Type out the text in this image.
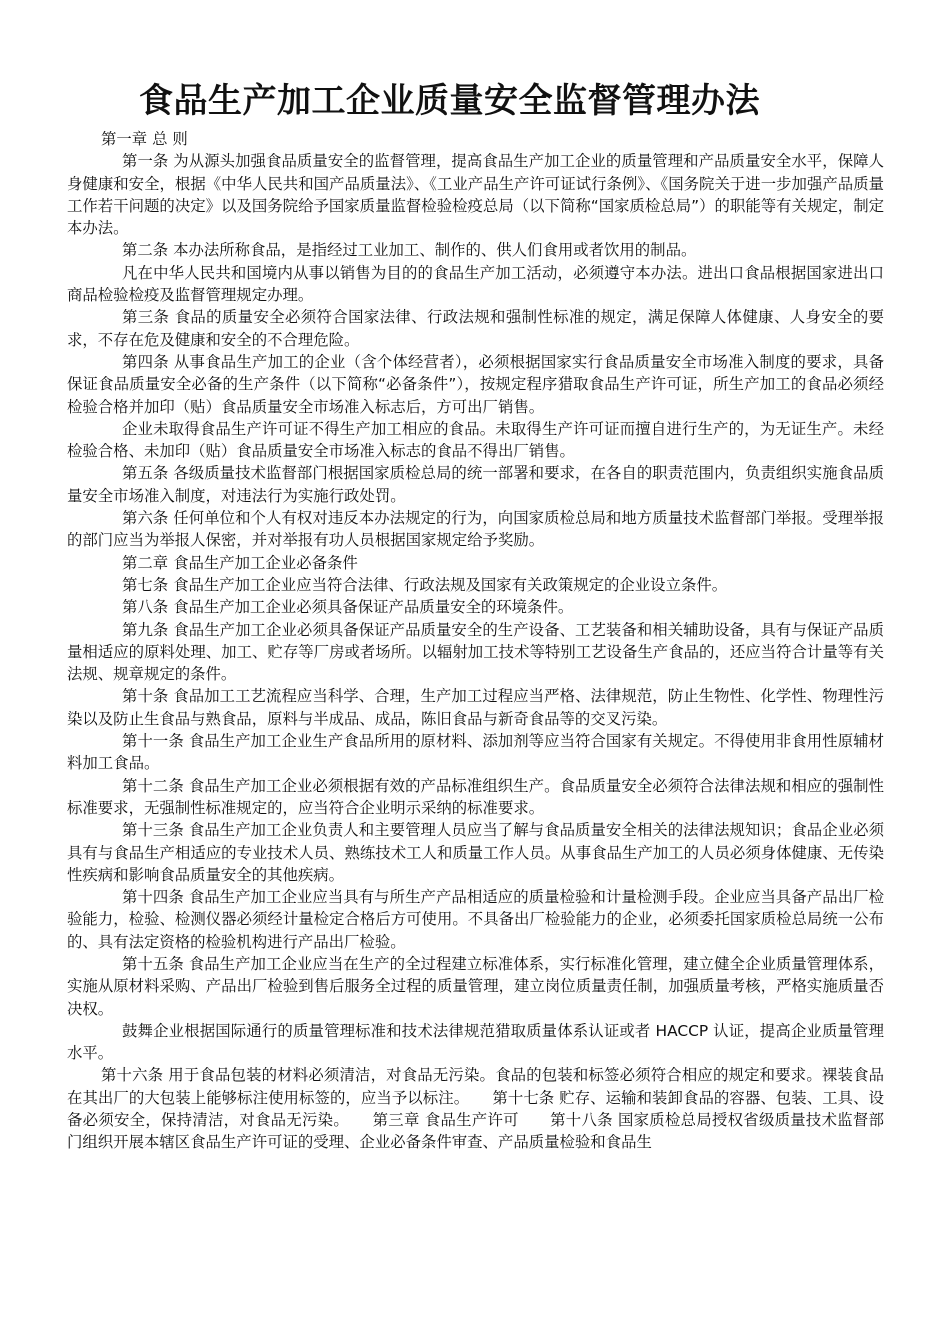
食品生产加工企业质量安全监督管理办法

第一章 总 则

第一条 为从源头加强食品质量安全的监督管理，提高食品生产加工企业的质量管理和产品质量安全水平，保障人身健康和安全，根据《中华人民共和国产品质量法》、《工业产品生产许可证试行条例》、《国务院关于进一步加强产品质量工作若干问题的决定》以及国务院给予国家质量监督检验检疫总局（以下简称“国家质检总局”）的职能等有关规定，制定本办法。

第二条 本办法所称食品，是指经过工业加工、制作的、供人们食用或者饮用的制品。

凡在中华人民共和国境内从事以销售为目的的食品生产加工活动，必须遵守本办法。进出口食品根据国家进出口商品检验检疫及监督管理规定办理。

第三条 食品的质量安全必须符合国家法律、行政法规和强制性标准的规定，满足保障人体健康、人身安全的要求，不存在危及健康和安全的不合理危险。

第四条 从事食品生产加工的企业（含个体经营者），必须根据国家实行食品质量安全市场准入制度的要求，具备保证食品质量安全必备的生产条件（以下简称“必备条件”），按规定程序猎取食品生产许可证，所生产加工的食品必须经检验合格并加印（贴）食品质量安全市场准入标志后，方可出厂销售。

企业未取得食品生产许可证不得生产加工相应的食品。未取得生产许可证而擅自进行生产的，为无证生产。未经检验合格、未加印（贴）食品质量安全市场准入标志的食品不得出厂销售。

第五条 各级质量技术监督部门根据国家质检总局的统一部署和要求，在各自的职责范围内，负责组织实施食品质量安全市场准入制度，对违法行为实施行政处罚。

第六条 任何单位和个人有权对违反本办法规定的行为，向国家质检总局和地方质量技术监督部门举报。受理举报的部门应当为举报人保密，并对举报有功人员根据国家规定给予奖励。

第二章 食品生产加工企业必备条件

第七条 食品生产加工企业应当符合法律、行政法规及国家有关政策规定的企业设立条件。

第八条 食品生产加工企业必须具备保证产品质量安全的环境条件。

第九条 食品生产加工企业必须具备保证产品质量安全的生产设备、工艺装备和相关辅助设备，具有与保证产品质量相适应的原料处理、加工、贮存等厂房或者场所。以辐射加工技术等特别工艺设备生产食品的，还应当符合计量等有关法规、规章规定的条件。

第十条 食品加工工艺流程应当科学、合理，生产加工过程应当严格、法律规范，防止生物性、化学性、物理性污染以及防止生食品与熟食品，原料与半成品、成品，陈旧食品与新奇食品等的交叉污染。

第十一条 食品生产加工企业生产食品所用的原材料、添加剂等应当符合国家有关规定。不得使用非食用性原辅材料加工食品。

第十二条 食品生产加工企业必须根据有效的产品标准组织生产。食品质量安全必须符合法律法规和相应的强制性标准要求，无强制性标准规定的，应当符合企业明示采纳的标准要求。

第十三条 食品生产加工企业负责人和主要管理人员应当了解与食品质量安全相关的法律法规知识；食品企业必须具有与食品生产相适应的专业技术人员、熟练技术工人和质量工作人员。从事食品生产加工的人员必须身体健康、无传染性疾病和影响食品质量安全的其他疾病。

第十四条 食品生产加工企业应当具有与所生产产品相适应的质量检验和计量检测手段。企业应当具备产品出厂检验能力，检验、检测仪器必须经计量检定合格后方可使用。不具备出厂检验能力的企业，必须委托国家质检总局统一公布的、具有法定资格的检验机构进行产品出厂检验。

第十五条 食品生产加工企业应当在生产的全过程建立标准体系，实行标准化管理，建立健全企业质量管理体系，实施从原材料采购、产品出厂检验到售后服务全过程的质量管理，建立岗位质量责任制，加强质量考核，严格实施质量否决权。

鼓舞企业根据国际通行的质量管理标准和技术法律规范猎取质量体系认证或者 HACCP 认证，提高企业质量管理水平。

第十六条 用于食品包装的材料必须清洁，对食品无污染。食品的包装和标签必须符合相应的规定和要求。裸装食品在其出厂的大包装上能够标注使用标签的，应当予以标注。　　第十七条 贮存、运输和装卸食品的容器、包装、工具、设备必须安全，保持清洁，对食品无污染。　　第三章 食品生产许可　　第十八条 国家质检总局授权省级质量技术监督部门组织开展本辖区食品生产许可证的受理、企业必备条件审查、产品质量检验和食品生
